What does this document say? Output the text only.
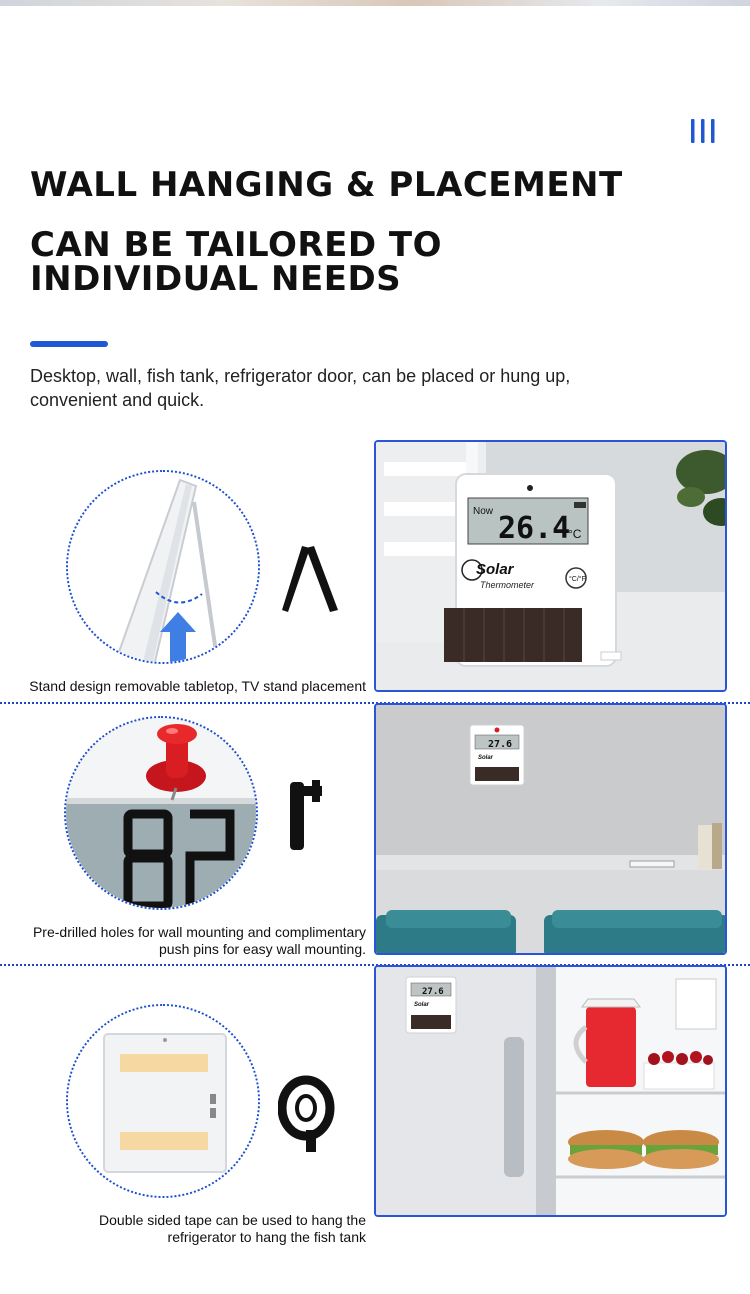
WALL HANGING & PLACEMENT
CAN BE TAILORED TO
INDIVIDUAL NEEDS
Desktop, wall, fish tank, refrigerator door, can be placed or hung up, convenient and quick.
Stand design removable tabletop, TV stand placement
Now 26.4
°C
Solar
Thermometer
°C/°F
Pre-drilled holes for wall mounting and complimentary
push pins for easy wall mounting.
27.6
Solar
Double sided tape can be used to hang the
refrigerator to hang the fish tank
27.6
Solar
